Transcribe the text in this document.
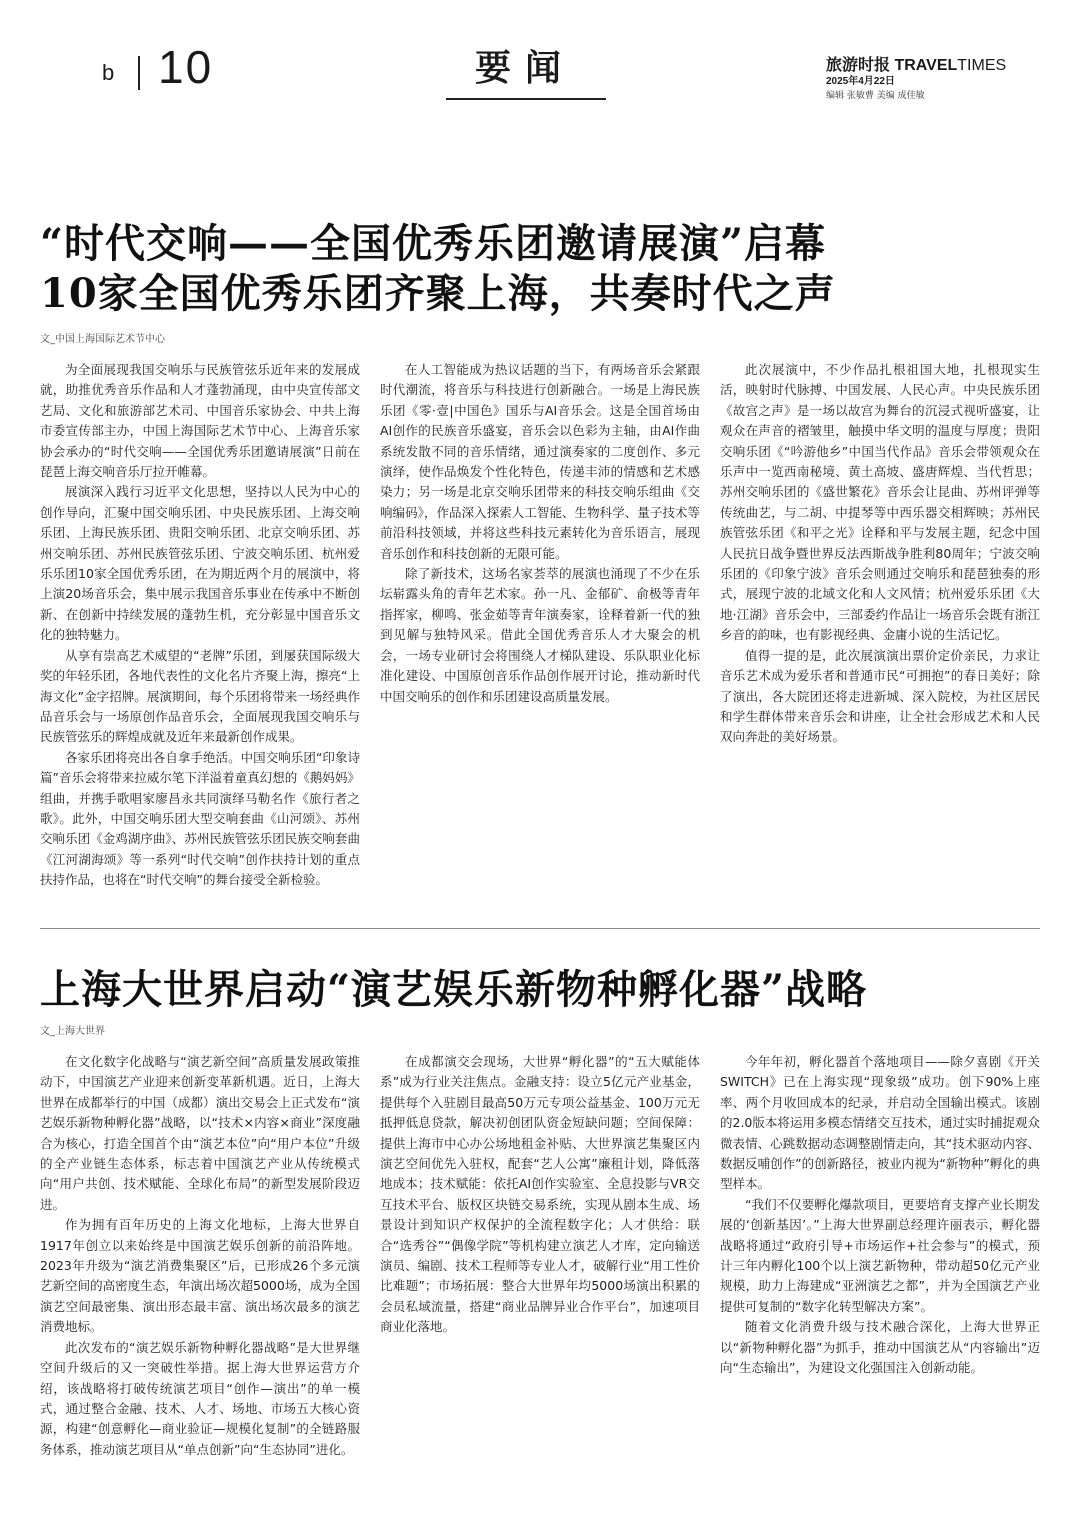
b 10	要闻	旅游时报 TRAVELTIMES
2025年4月22日
编辑 张敏曹 美编 成佳敏
“时代交响——全国优秀乐团邀请展演”启幕
10家全国优秀乐团齐聚上海，共奏时代之声
文_中国上海国际艺术节中心

为全面展现我国交响乐与民族管弦乐近年来的发展成就，助推优秀音乐作品和人才蓬勃涌现，由中央宣传部文艺局、文化和旅游部艺术司、中国音乐家协会、中共上海市委宣传部主办，中国上海国际艺术节中心、上海音乐家协会承办的“时代交响——全国优秀乐团邀请展演”日前在琵琶上海交响音乐厅拉开帷幕。

展演深入践行习近平文化思想，坚持以人民为中心的创作导向，汇聚中国交响乐团、中央民族乐团、上海交响乐团、上海民族乐团、贵阳交响乐团、北京交响乐团、苏州交响乐团、苏州民族管弦乐团、宁波交响乐团、杭州爱乐乐团10家全国优秀乐团，在为期近两个月的展演中，将上演20场音乐会，集中展示我国音乐事业在传承中不断创新、在创新中持续发展的蓬勃生机，充分彰显中国音乐文化的独特魅力。

从享有崇高艺术威望的“老牌”乐团，到屡获国际级大奖的年轻乐团，各地代表性的文化名片齐聚上海，擦亮“上海文化”金字招牌。展演期间，每个乐团将带来一场经典作品音乐会与一场原创作品音乐会，全面展现我国交响乐与民族管弦乐的辉煌成就及近年来最新创作成果。

各家乐团将亮出各自拿手绝活。中国交响乐团“印象诗篇”音乐会将带来拉威尔笔下洋溢着童真幻想的《鹅妈妈》组曲，并携手歌唱家廖昌永共同演绎马勒名作《旅行者之歌》。此外，中国交响乐团大型交响套曲《山河颂》、苏州交响乐团《金鸡湖序曲》、苏州民族管弦乐团民族交响套曲《江河湖海颂》等一系列“时代交响”创作扶持计划的重点扶持作品，也将在“时代交响”的舞台接受全新检验。

在人工智能成为热议话题的当下，有两场音乐会紧跟时代潮流，将音乐与科技进行创新融合。一场是上海民族乐团《零·壹|中国色》国乐与AI音乐会。这是全国首场由AI创作的民族音乐盛宴，音乐会以色彩为主轴，由AI作曲系统发散不同的音乐情绪，通过演奏家的二度创作、多元演绎，使作品焕发个性化特色，传递丰沛的情感和艺术感染力；另一场是北京交响乐团带来的科技交响乐组曲《交响编码》，作品深入探索人工智能、生物科学、量子技术等前沿科技领域，并将这些科技元素转化为音乐语言，展现音乐创作和科技创新的无限可能。

除了新技术，这场名家荟萃的展演也涌现了不少在乐坛崭露头角的青年艺术家。孙一凡、金郁矿、俞极等青年指挥家，柳鸣、张金茹等青年演奏家，诠释着新一代的独到见解与独特风采。借此全国优秀音乐人才大聚会的机会，一场专业研讨会将围绕人才梯队建设、乐队职业化标准化建设、中国原创音乐作品创作展开讨论，推动新时代中国交响乐的创作和乐团建设高质量发展。

此次展演中，不少作品扎根祖国大地，扎根现实生活，映射时代脉搏、中国发展、人民心声。中央民族乐团《故宫之声》是一场以故宫为舞台的沉浸式视听盛宴，让观众在声音的褶皱里，触摸中华文明的温度与厚度；贵阳交响乐团《“吟游他乡”中国当代作品》音乐会带领观众在乐声中一览西南秘境、黄土高坡、盛唐辉煌、当代哲思；苏州交响乐团的《盛世繁花》音乐会让昆曲、苏州评弹等传统曲艺，与二胡、中提琴等中西乐器交相辉映；苏州民族管弦乐团《和平之光》诠释和平与发展主题，纪念中国人民抗日战争暨世界反法西斯战争胜利80周年；宁波交响乐团的《印象宁波》音乐会则通过交响乐和琵琶独奏的形式，展现宁波的北域文化和人文风情；杭州爱乐乐团《大地·江湖》音乐会中，三部委约作品让一场音乐会既有浙江乡音的韵味，也有影视经典、金庸小说的生活记忆。

值得一提的是，此次展演演出票价定价亲民，力求让音乐艺术成为爱乐者和普通市民“可拥抱”的春日美好；除了演出，各大院团还将走进新城、深入院校，为社区居民和学生群体带来音乐会和讲座，让全社会形成艺术和人民双向奔赴的美好场景。

上海大世界启动“演艺娱乐新物种孵化器”战略
文_上海大世界

在文化数字化战略与“演艺新空间”高质量发展政策推动下，中国演艺产业迎来创新变革新机遇。近日，上海大世界在成都举行的中国（成都）演出交易会上正式发布“演艺娱乐新物种孵化器”战略，以“技术×内容×商业”深度融合为核心，打造全国首个由“演艺本位”向“用户本位”升级的全产业链生态体系，标志着中国演艺产业从传统模式向“用户共创、技术赋能、全球化布局”的新型发展阶段迈进。

作为拥有百年历史的上海文化地标，上海大世界自1917年创立以来始终是中国演艺娱乐创新的前沿阵地。2023年升级为“演艺消费集聚区”后，已形成26个多元演艺新空间的高密度生态，年演出场次超5000场，成为全国演艺空间最密集、演出形态最丰富、演出场次最多的演艺消费地标。

此次发布的“演艺娱乐新物种孵化器战略”是大世界继空间升级后的又一突破性举措。据上海大世界运营方介绍，该战略将打破传统演艺项目“创作—演出”的单一模式，通过整合金融、技术、人才、场地、市场五大核心资源，构建“创意孵化—商业验证—规模化复制”的全链路服务体系，推动演艺项目从“单点创新”向“生态协同”进化。

在成都演交会现场，大世界“孵化器”的“五大赋能体系”成为行业关注焦点。金融支持：设立5亿元产业基金，提供每个入驻剧目最高50万元专项公益基金、100万元无抵押低息贷款，解决初创团队资金短缺问题；空间保障：提供上海市中心办公场地租金补贴、大世界演艺集聚区内演艺空间优先入驻权，配套“艺人公寓”廉租计划，降低落地成本；技术赋能：依托AI创作实验室、全息投影与VR交互技术平台、版权区块链交易系统，实现从剧本生成、场景设计到知识产权保护的全流程数字化；人才供给：联合“选秀谷”“偶像学院”等机构建立演艺人才库，定向输送演员、编剧、技术工程师等专业人才，破解行业“用工性价比难题”；市场拓展：整合大世界年均5000场演出积累的会员私域流量，搭建“商业品牌异业合作平台”，加速项目商业化落地。

今年年初，孵化器首个落地项目——除夕喜剧《开关SWITCH》已在上海实现“现象级”成功。创下90%上座率、两个月收回成本的纪录，并启动全国输出模式。该剧的2.0版本将运用多模态情绪交互技术，通过实时捕捉观众微表情、心跳数据动态调整剧情走向，其“技术驱动内容、数据反哺创作”的创新路径，被业内视为“新物种”孵化的典型样本。

“我们不仅要孵化爆款项目，更要培育支撑产业长期发展的‘创新基因’。”上海大世界副总经理许丽表示，孵化器战略将通过“政府引导+市场运作+社会参与”的模式，预计三年内孵化100个以上演艺新物种，带动超50亿元产业规模，助力上海建成“亚洲演艺之都”，并为全国演艺产业提供可复制的“数字化转型解决方案”。

随着文化消费升级与技术融合深化，上海大世界正以“新物种孵化器”为抓手，推动中国演艺从“内容输出”迈向“生态输出”，为建设文化强国注入创新动能。
